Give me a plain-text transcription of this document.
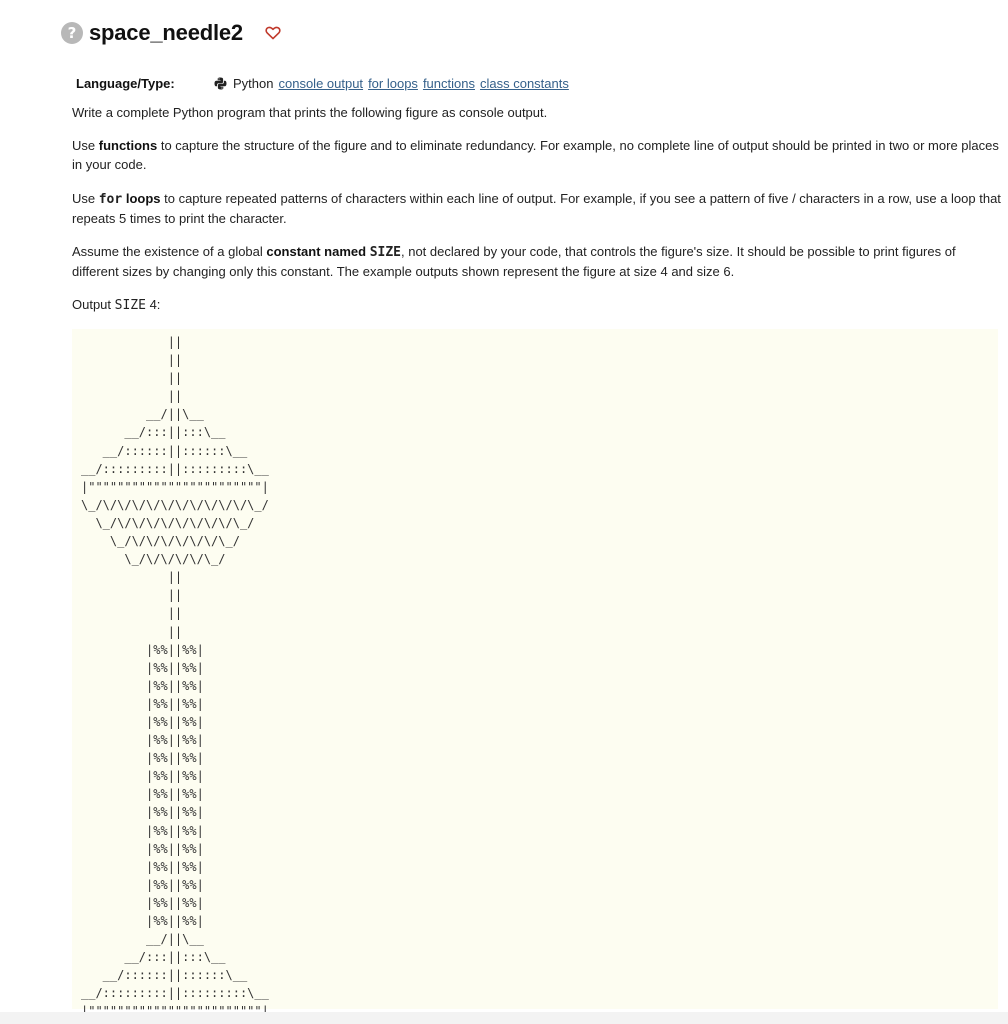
? space_needle2
Language/Type:	Python console output for loops functions class constants
Write a complete Python program that prints the following figure as console output.
Use functions to capture the structure of the figure and to eliminate redundancy. For example, no complete line of output should be printed in two or more places in your code.
Use for loops to capture repeated patterns of characters within each line of output. For example, if you see a pattern of five / characters in a row, use a loop that repeats 5 times to print the character.
Assume the existence of a global constant named SIZE, not declared by your code, that controls the figure's size. It should be possible to print figures of different sizes by changing only this constant. The example outputs shown represent the figure at size 4 and size 6.
Output SIZE 4:
||
||
||
||
__/||\__
__/:::||:::\__
__/::::::||::::::\__
__/:::::::::||:::::::::\__
|""""""""""""""""""""""""|
\_/\/\/\/\/\/\/\/\/\/\/\_/
\_/\/\/\/\/\/\/\/\/\_/
\_/\/\/\/\/\/\/\_/
\_/\/\/\/\/\_/
||
||
||
||
|%%||%%|
|%%||%%|
|%%||%%|
|%%||%%|
|%%||%%|
|%%||%%|
|%%||%%|
|%%||%%|
|%%||%%|
|%%||%%|
|%%||%%|
|%%||%%|
|%%||%%|
|%%||%%|
|%%||%%|
|%%||%%|
__/||\__
__/:::||:::\__
__/::::::||::::::\__
__/:::::::::||:::::::::\__
